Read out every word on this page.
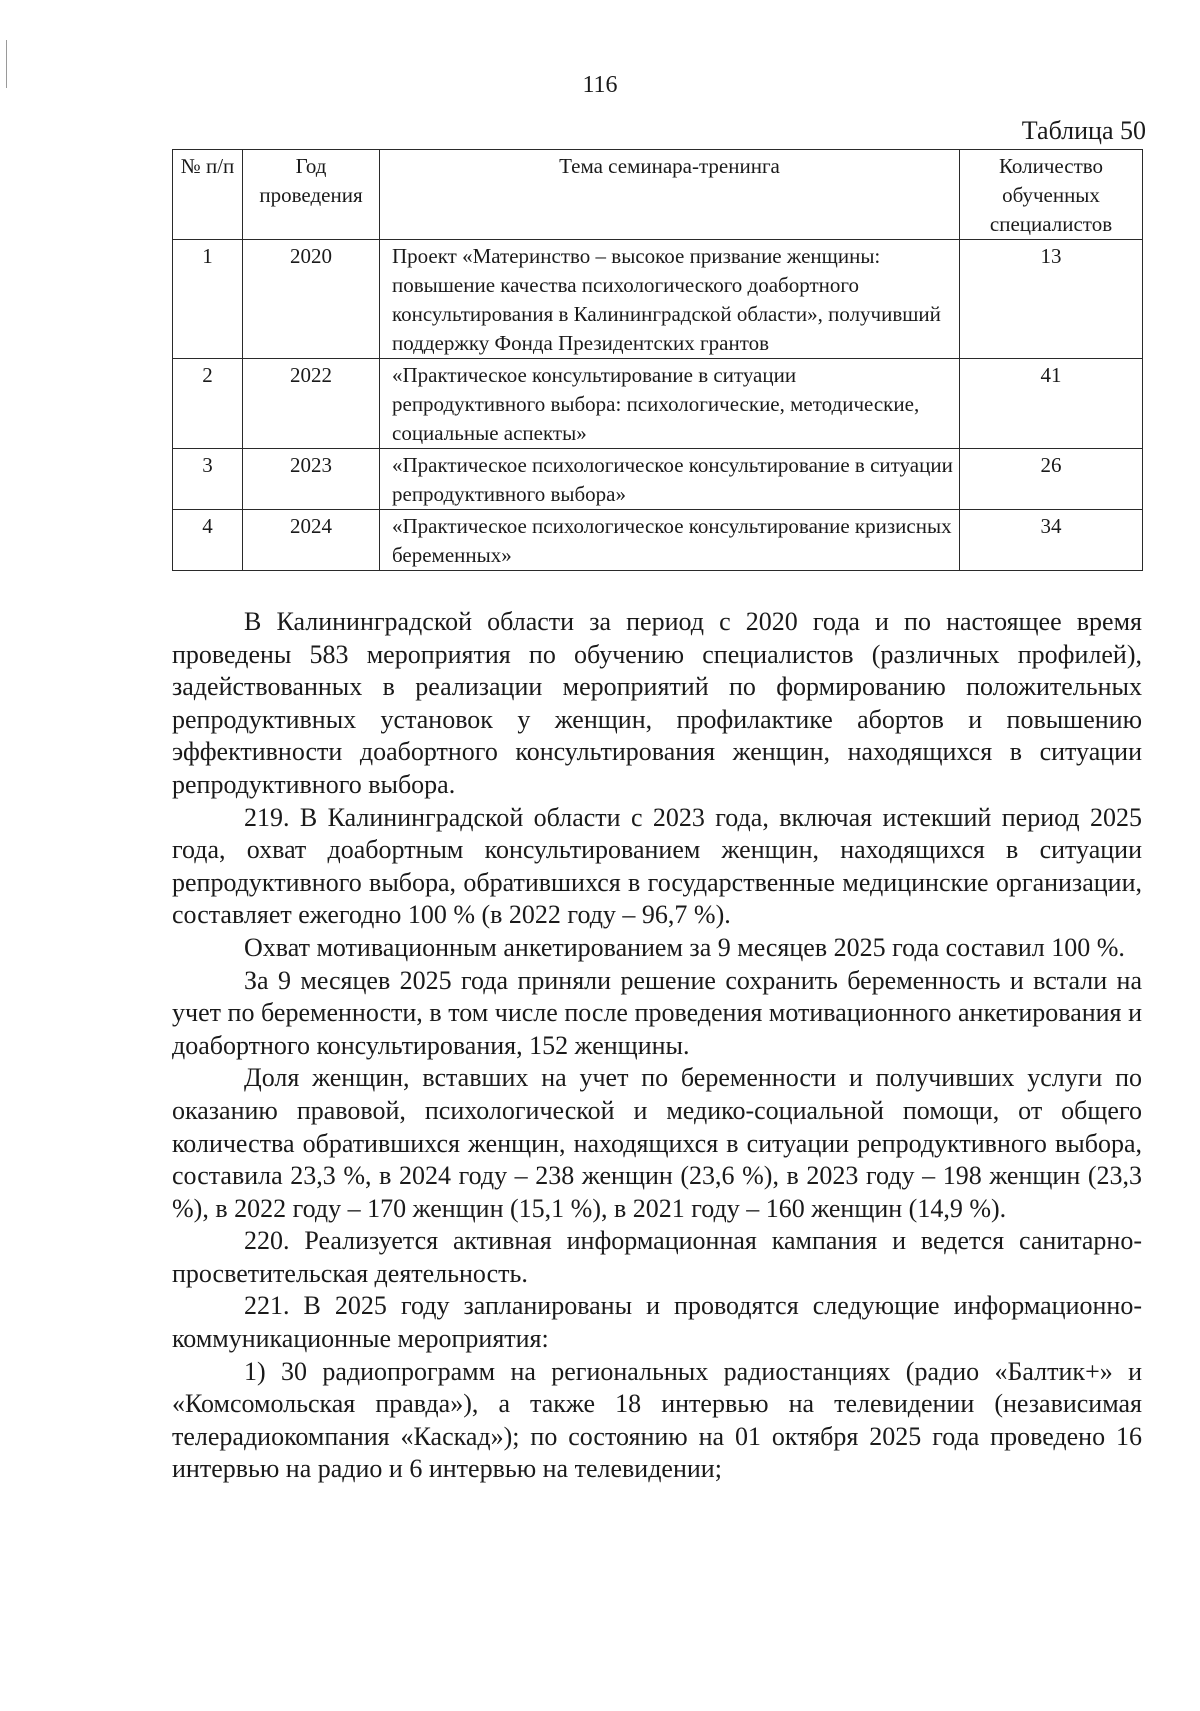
116
Таблица 50
№ п/п	Год проведения	Тема семинара-тренинга	Количество обученных специалистов
1	2020	Проект «Материнство – высокое призвание женщины: повышение качества психологического доабортного консультирования в Калининградской области», получивший поддержку Фонда Президентских грантов	13
2	2022	«Практическое консультирование в ситуации репродуктивного выбора: психологические, методические, социальные аспекты»	41
3	2023	«Практическое психологическое консультирование в ситуации репродуктивного выбора»	26
4	2024	«Практическое психологическое консультирование кризисных беременных»	34

В Калининградской области за период с 2020 года и по настоящее время проведены 583 мероприятия по обучению специалистов (различных профилей), задействованных в реализации мероприятий по формированию положительных репродуктивных установок у женщин, профилактике абортов и повышению эффективности доабортного консультирования женщин, находящихся в ситуации репродуктивного выбора.

219. В Калининградской области с 2023 года, включая истекший период 2025 года, охват доабортным консультированием женщин, находящихся в ситуации репродуктивного выбора, обратившихся в государственные медицинские организации, составляет ежегодно 100 % (в 2022 году – 96,7 %).

Охват мотивационным анкетированием за 9 месяцев 2025 года составил 100 %.

За 9 месяцев 2025 года приняли решение сохранить беременность и встали на учет по беременности, в том числе после проведения мотивационного анкетирования и доабортного консультирования, 152 женщины.

Доля женщин, вставших на учет по беременности и получивших услуги по оказанию правовой, психологической и медико-социальной помощи, от общего количества обратившихся женщин, находящихся в ситуации репродуктивного выбора, составила 23,3 %, в 2024 году – 238 женщин (23,6 %), в 2023 году – 198 женщин (23,3 %), в 2022 году – 170 женщин (15,1 %), в 2021 году – 160 женщин (14,9 %).

220. Реализуется активная информационная кампания и ведется санитарно-просветительская деятельность.

221. В 2025 году запланированы и проводятся следующие информационно-коммуникационные мероприятия:

1) 30 радиопрограмм на региональных радиостанциях (радио «Балтик+» и «Комсомольская правда»), а также 18 интервью на телевидении (независимая телерадиокомпания «Каскад»); по состоянию на 01 октября 2025 года проведено 16 интервью на радио и 6 интервью на телевидении;
